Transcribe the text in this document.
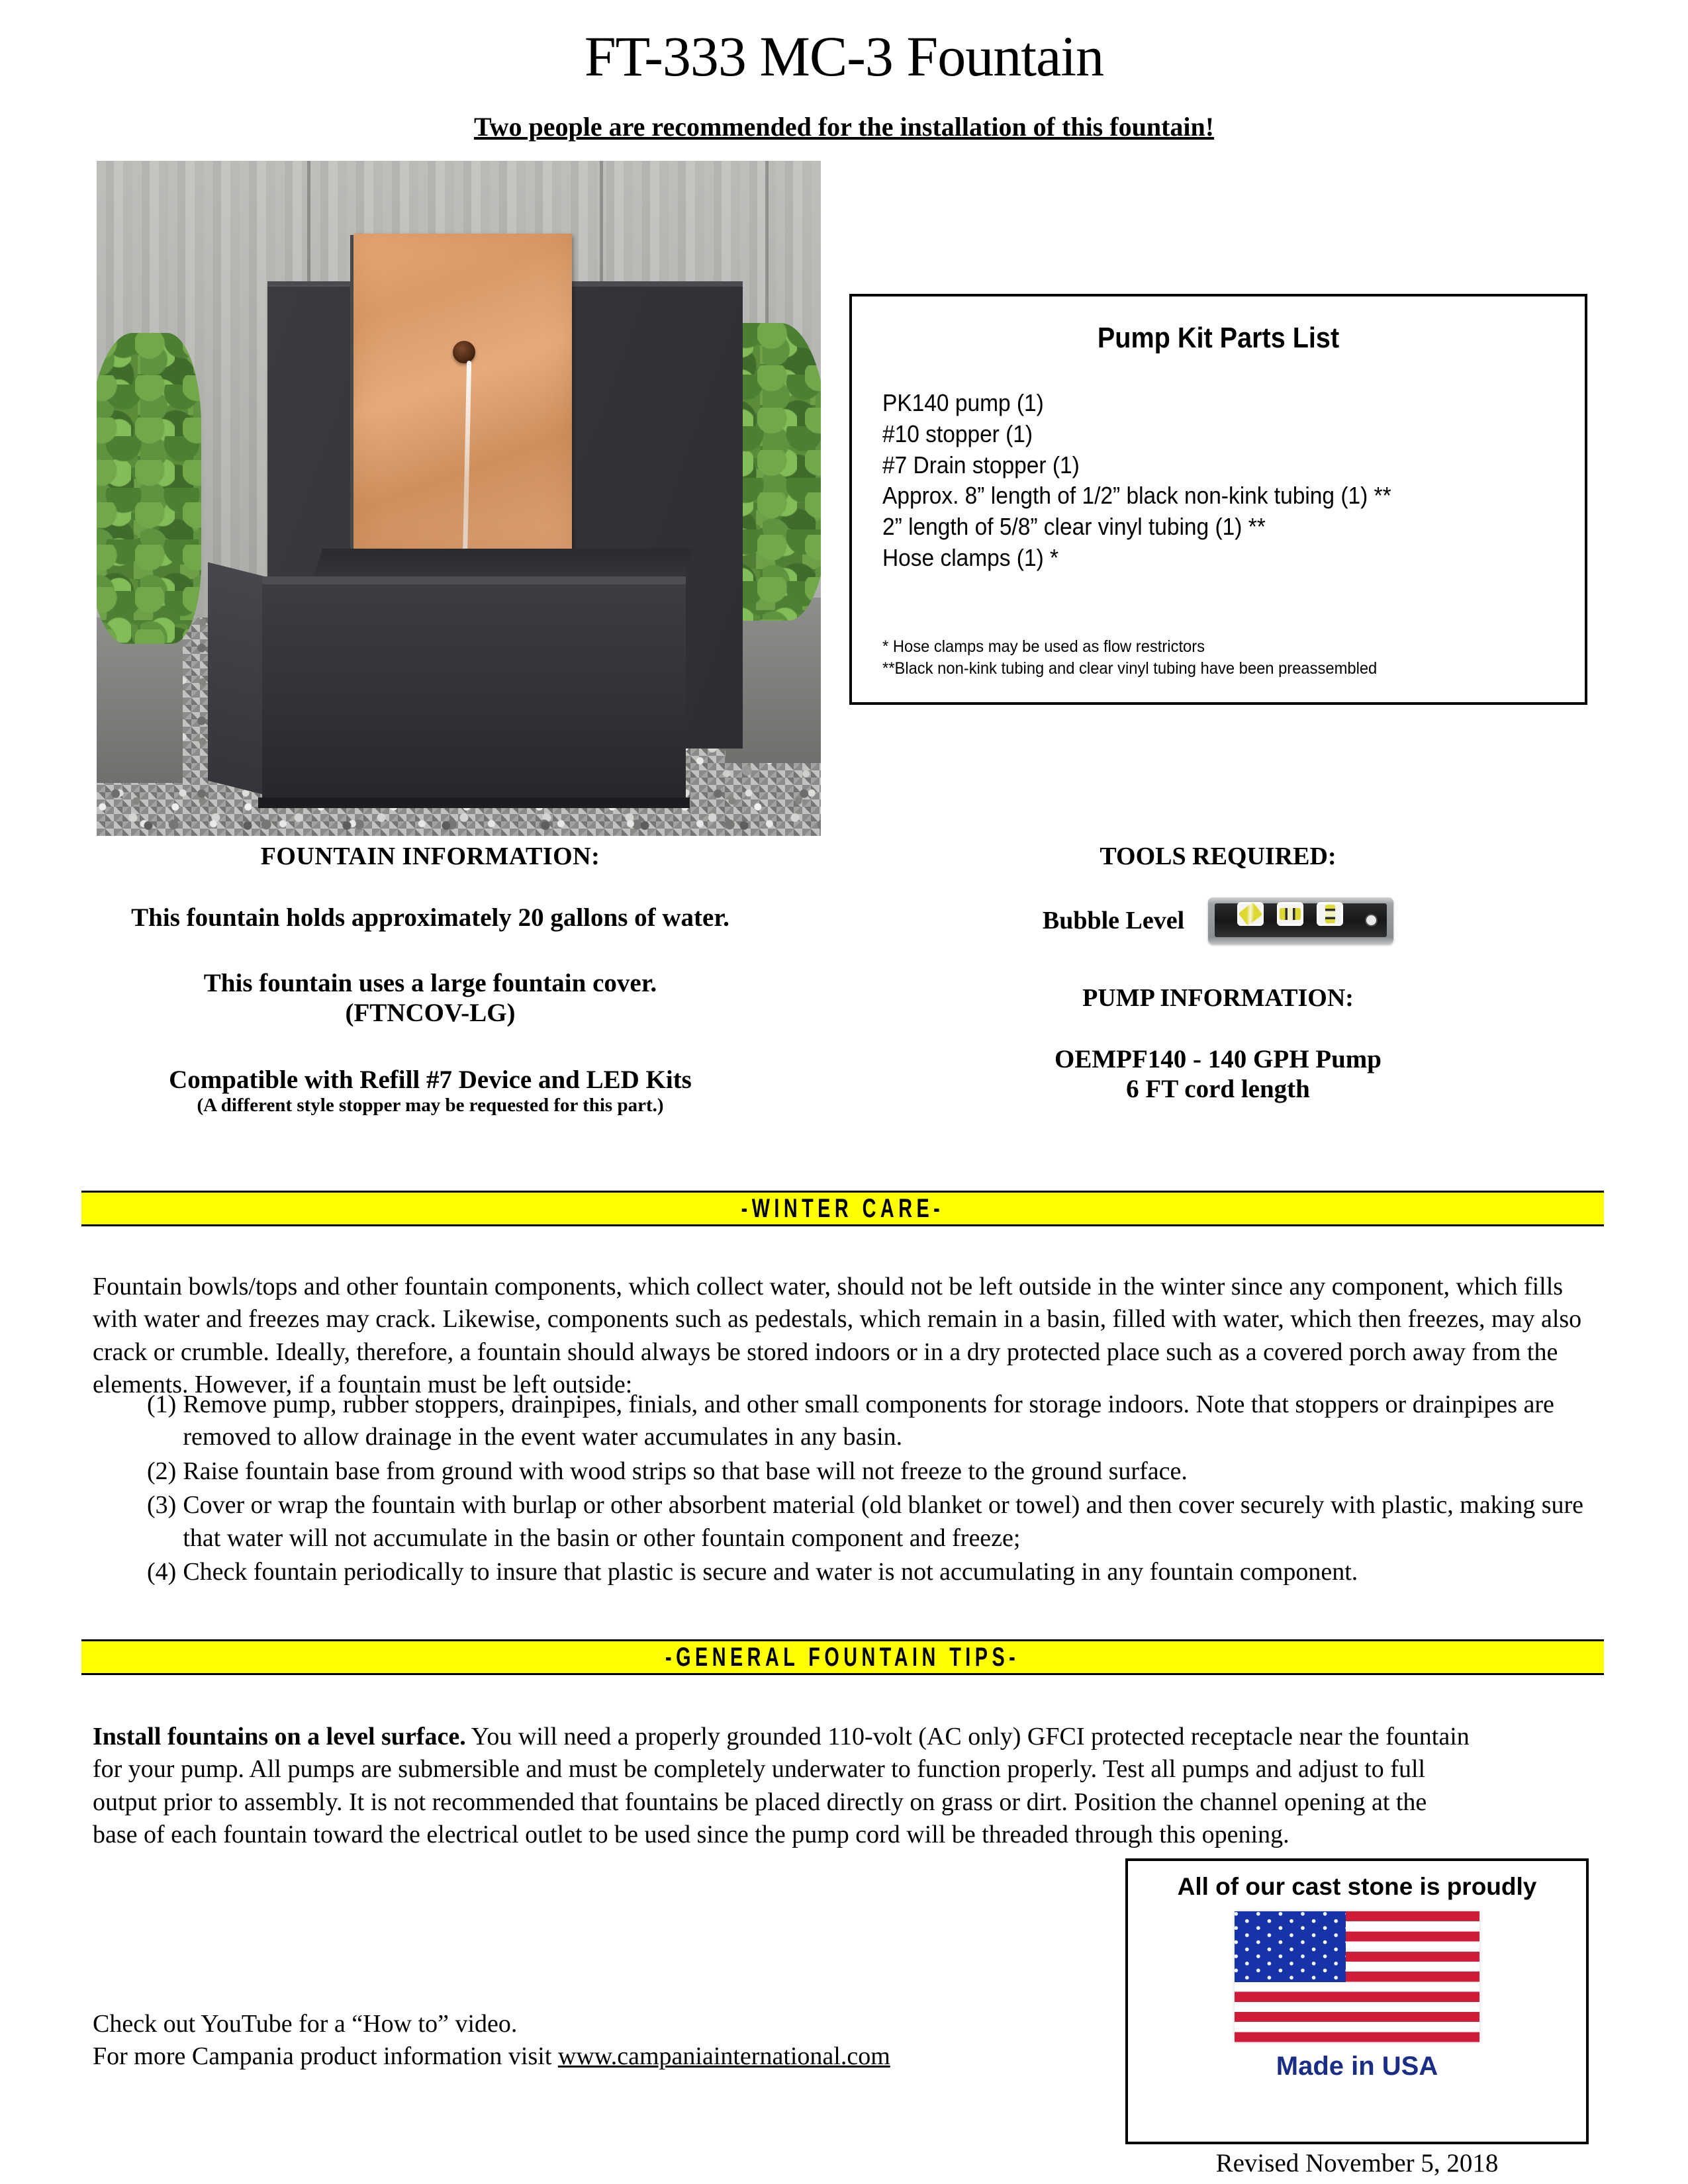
FT-333 MC-3 Fountain
Two people are recommended for the installation of this fountain!
Pump Kit Parts List
PK140 pump (1)
#10 stopper (1)
#7 Drain stopper (1)
Approx. 8” length of 1/2” black non-kink tubing (1) **
2” length of 5/8” clear vinyl tubing (1) **
Hose clamps (1) *
* Hose clamps may be used as flow restrictors
**Black non-kink tubing and clear vinyl tubing have been preassembled
FOUNTAIN INFORMATION:
This fountain holds approximately 20 gallons of water.
This fountain uses a large fountain cover.
(FTNCOV-LG)
Compatible with Refill #7 Device and LED Kits
(A different style stopper may be requested for this part.)
TOOLS REQUIRED:
Bubble Level
PUMP INFORMATION:
OEMPF140 - 140 GPH Pump
6 FT cord length
-WINTER CARE-
Fountain bowls/tops and other fountain components, which collect water, should not be left outside in the winter since any component, which fills with water and freezes may crack. Likewise, components such as pedestals, which remain in a basin, filled with water, which then freezes, may also crack or crumble. Ideally, therefore, a fountain should always be stored indoors or in a dry protected place such as a covered porch away from the elements. However, if a fountain must be left outside:
(1) Remove pump, rubber stoppers, drainpipes, finials, and other small components for storage indoors. Note that stoppers or drainpipes are removed to allow drainage in the event water accumulates in any basin.
(2) Raise fountain base from ground with wood strips so that base will not freeze to the ground surface.
(3) Cover or wrap the fountain with burlap or other absorbent material (old blanket or towel) and then cover securely with plastic, making sure that water will not accumulate in the basin or other fountain component and freeze;
(4) Check fountain periodically to insure that plastic is secure and water is not accumulating in any fountain component.
-GENERAL FOUNTAIN TIPS-
Install fountains on a level surface. You will need a properly grounded 110-volt (AC only) GFCI protected receptacle near the fountain for your pump. All pumps are submersible and must be completely underwater to function properly. Test all pumps and adjust to full output prior to assembly. It is not recommended that fountains be placed directly on grass or dirt. Position the channel opening at the base of each fountain toward the electrical outlet to be used since the pump cord will be threaded through this opening.
Check out YouTube for a “How to” video.
For more Campania product information visit www.campaniainternational.com
All of our cast stone is proudly
Made in USA
Revised November 5, 2018
